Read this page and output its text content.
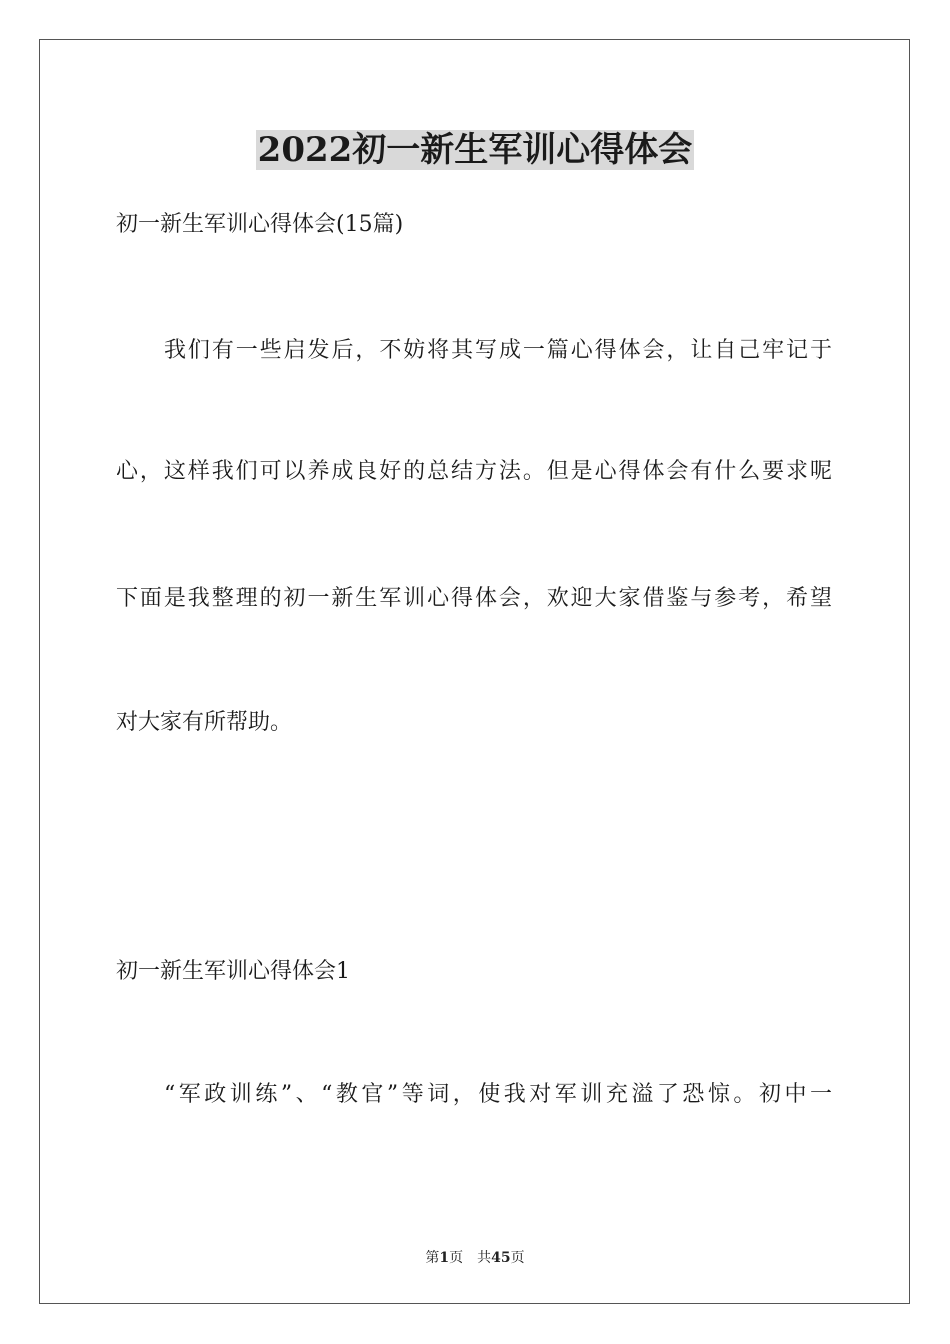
2022初一新生军训心得体会
初一新生军训心得体会(15篇)
我们有一些启发后，不妨将其写成一篇心得体会，让自己牢记于
心，这样我们可以养成良好的总结方法。但是心得体会有什么要求呢
下面是我整理的初一新生军训心得体会，欢迎大家借鉴与参考，希望
对大家有所帮助。
初一新生军训心得体会1
“军政训练”、“教官”等词，使我对军训充溢了恐惊。初中一
第1页 共45页
